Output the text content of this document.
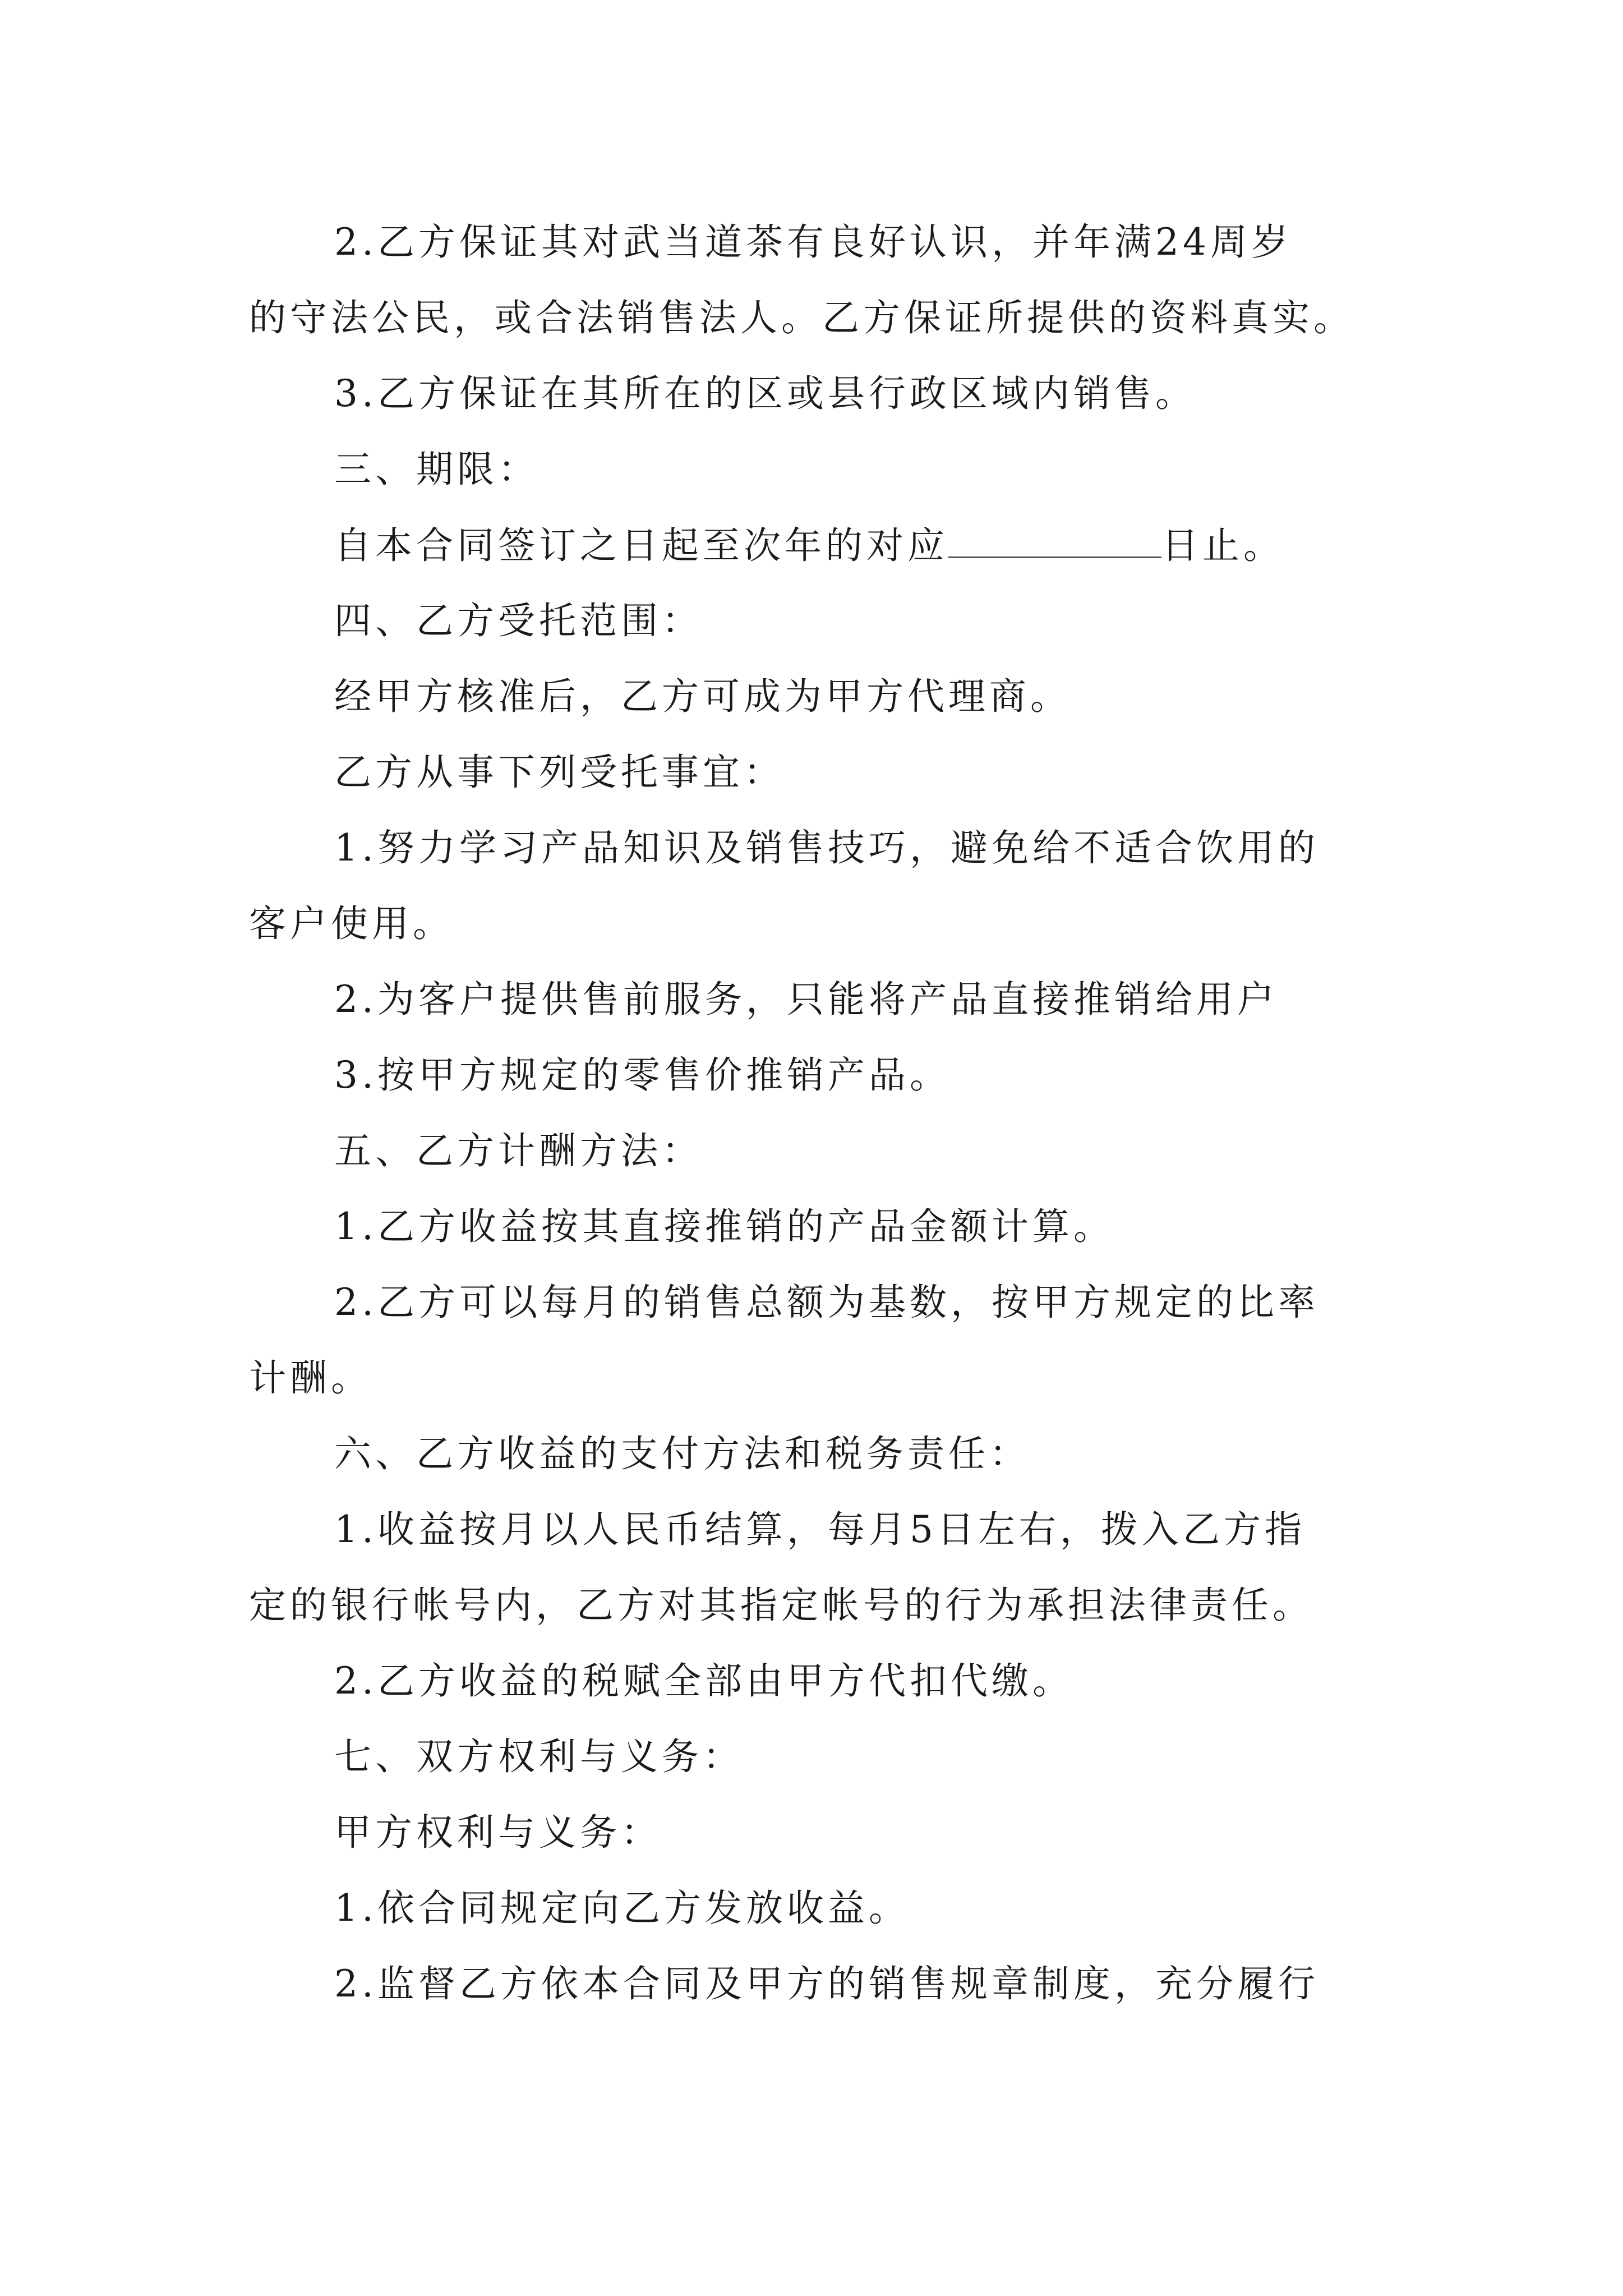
2.乙方保证其对武当道茶有良好认识，并年满24周岁
的守法公民，或合法销售法人。乙方保证所提供的资料真实。
3.乙方保证在其所在的区或县行政区域内销售。
三、期限：
自本合同签订之日起至次年的对应	日止。
四、乙方受托范围：
经甲方核准后，乙方可成为甲方代理商。
乙方从事下列受托事宜：
1.努力学习产品知识及销售技巧，避免给不适合饮用的
客户使用。
2.为客户提供售前服务，只能将产品直接推销给用户
3.按甲方规定的零售价推销产品。
五、乙方计酬方法：
1.乙方收益按其直接推销的产品金额计算。
2.乙方可以每月的销售总额为基数，按甲方规定的比率
计酬。
六、乙方收益的支付方法和税务责任：
1.收益按月以人民币结算，每月5日左右，拨入乙方指
定的银行帐号内，乙方对其指定帐号的行为承担法律责任。
2.乙方收益的税赋全部由甲方代扣代缴。
七、双方权利与义务：
甲方权利与义务：
1.依合同规定向乙方发放收益。
2.监督乙方依本合同及甲方的销售规章制度，充分履行
